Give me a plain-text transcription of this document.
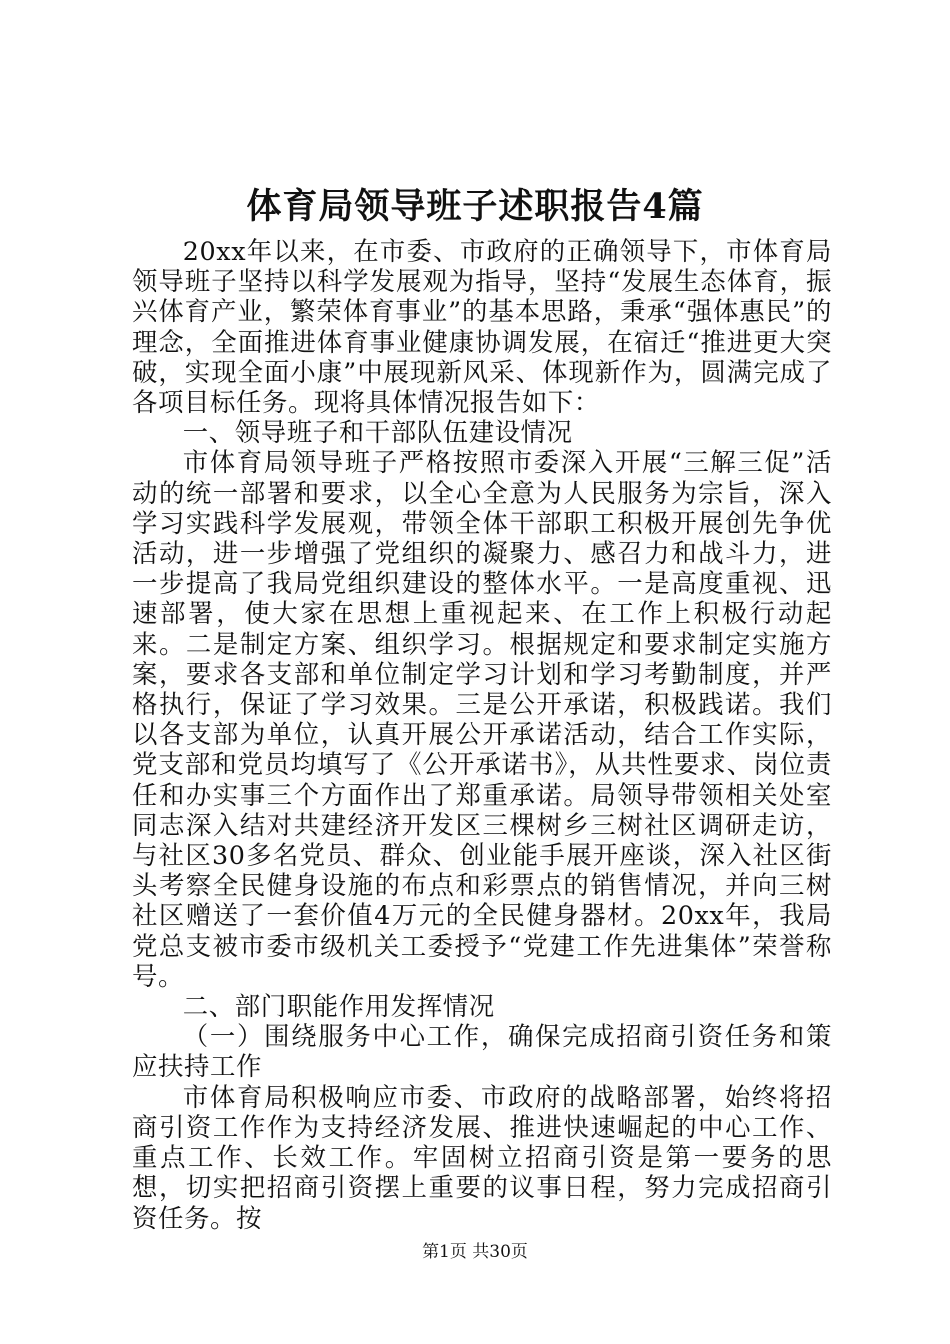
体育局领导班子述职报告4篇

20xx年以来，在市委、市政府的正确领导下，市体育局领导班子坚持以科学发展观为指导，坚持“发展生态体育，振兴体育产业，繁荣体育事业”的基本思路，秉承“强体惠民”的理念，全面推进体育事业健康协调发展，在宿迁“推进更大突破，实现全面小康”中展现新风采、体现新作为，圆满完成了各项目标任务。现将具体情况报告如下：

一、领导班子和干部队伍建设情况

市体育局领导班子严格按照市委深入开展“三解三促”活动的统一部署和要求，以全心全意为人民服务为宗旨，深入学习实践科学发展观，带领全体干部职工积极开展创先争优活动，进一步增强了党组织的凝聚力、感召力和战斗力，进一步提高了我局党组织建设的整体水平。一是高度重视、迅速部署，使大家在思想上重视起来、在工作上积极行动起来。二是制定方案、组织学习。根据规定和要求制定实施方案，要求各支部和单位制定学习计划和学习考勤制度，并严格执行，保证了学习效果。三是公开承诺，积极践诺。我们以各支部为单位，认真开展公开承诺活动，结合工作实际，党支部和党员均填写了《公开承诺书》，从共性要求、岗位责任和办实事三个方面作出了郑重承诺。局领导带领相关处室同志深入结对共建经济开发区三棵树乡三树社区调研走访，与社区30多名党员、群众、创业能手展开座谈，深入社区街头考察全民健身设施的布点和彩票点的销售情况，并向三树社区赠送了一套价值4万元的全民健身器材。20xx年，我局党总支被市委市级机关工委授予“党建工作先进集体”荣誉称号。

二、部门职能作用发挥情况

（一）围绕服务中心工作，确保完成招商引资任务和策应扶持工作

市体育局积极响应市委、市政府的战略部署，始终将招商引资工作作为支持经济发展、推进快速崛起的中心工作、重点工作、长效工作。牢固树立招商引资是第一要务的思想，切实把招商引资摆上重要的议事日程，努力完成招商引资任务。按

第1页 共30页
